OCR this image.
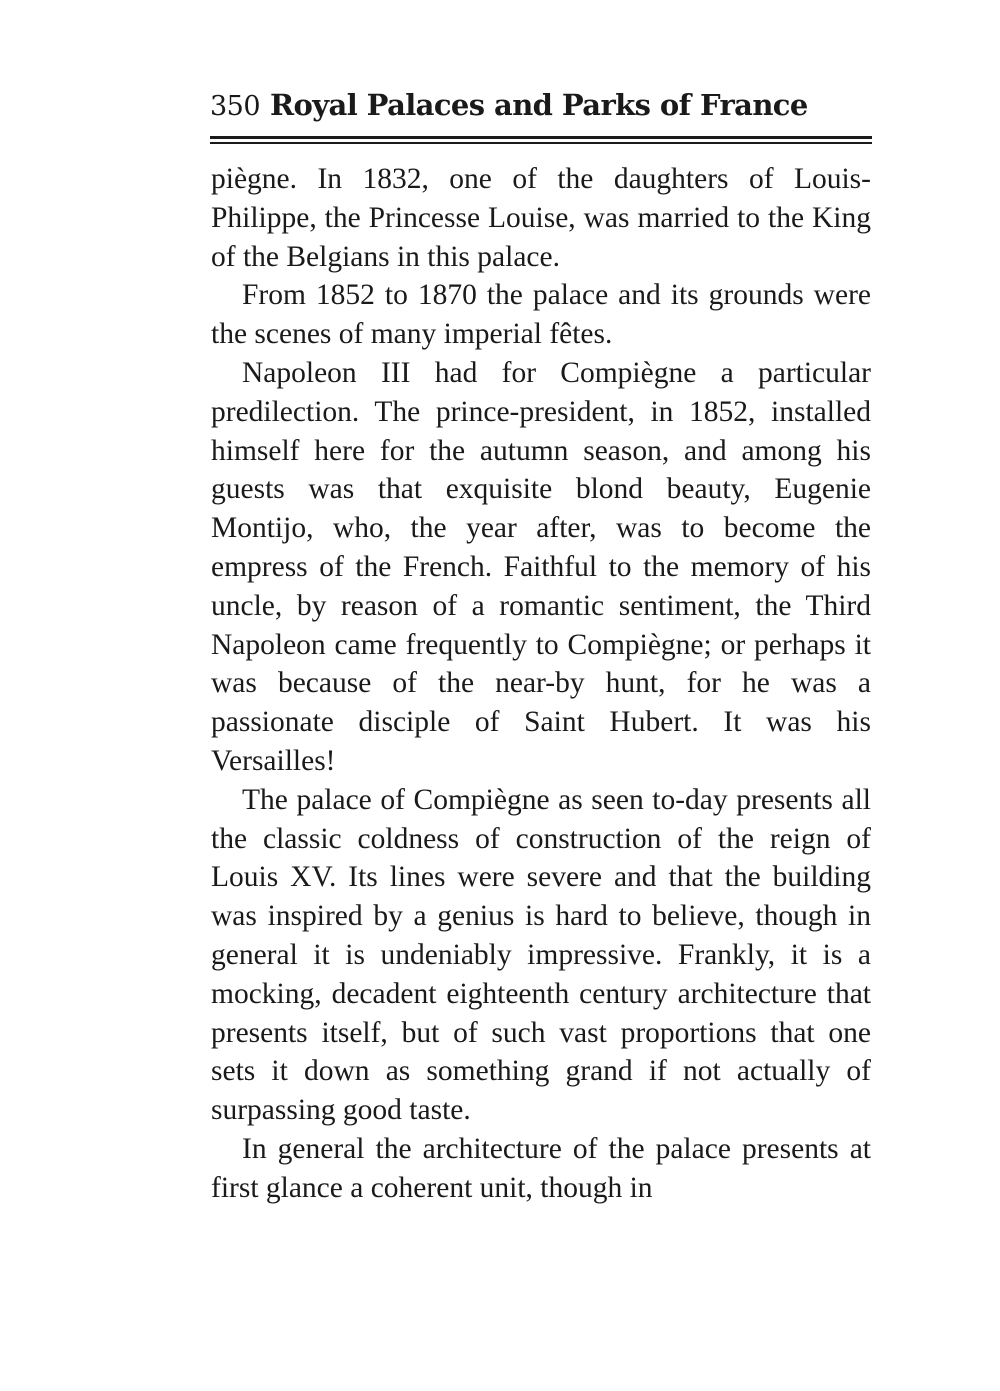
350 Royal Palaces and Parks of France

piègne. In 1832, one of the daughters of Louis-Philippe, the Princesse Louise, was married to the King of the Belgians in this palace.

From 1852 to 1870 the palace and its grounds were the scenes of many imperial fêtes.

Napoleon III had for Compiègne a particular predilection. The prince-president, in 1852, installed himself here for the autumn season, and among his guests was that exquisite blond beauty, Eugenie Montijo, who, the year after, was to become the empress of the French. Faithful to the memory of his uncle, by reason of a romantic sentiment, the Third Napoleon came frequently to Compiègne; or perhaps it was because of the near-by hunt, for he was a passionate disciple of Saint Hubert. It was his Versailles!

The palace of Compiègne as seen to-day presents all the classic coldness of construction of the reign of Louis XV. Its lines were severe and that the building was inspired by a genius is hard to believe, though in general it is undeniably impressive. Frankly, it is a mocking, decadent eighteenth century architecture that presents itself, but of such vast proportions that one sets it down as something grand if not actually of surpassing good taste.

In general the architecture of the palace presents at first glance a coherent unit, though in
